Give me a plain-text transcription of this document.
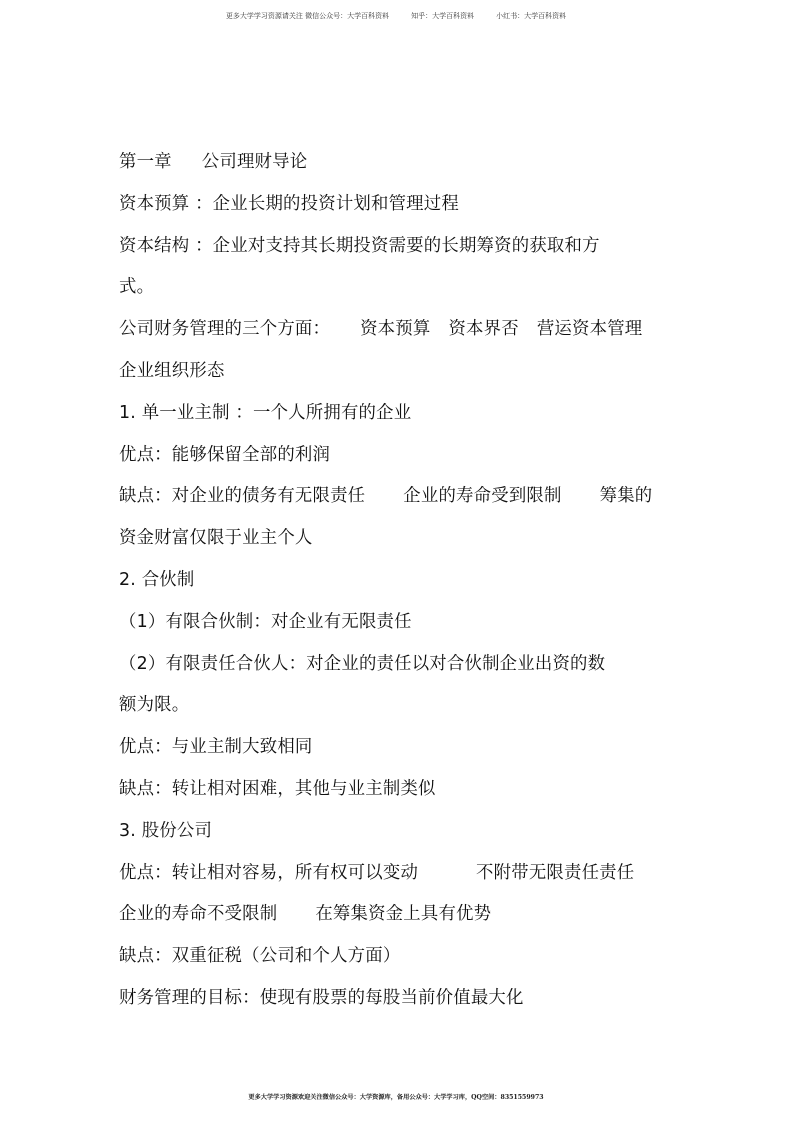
更多大学学习资源请关注 微信公众号：大学百科资料	知乎：大学百科资料	小红书：大学百科资料
第一章 公司理财导论
资本预算 ：企业长期的投资计划和管理过程
资本结构 ：企业对支持其长期投资需要的长期筹资的获取和方
式。
公司财务管理的三个方面： 资本预算 资本界否 营运资本管理
企业组织形态
1. 单一业主制 ：一个人所拥有的企业
优点：能够保留全部的利润
缺点：对企业的债务有无限责任 企业的寿命受到限制 筹集的
资金财富仅限于业主个人
2. 合伙制
（1）有限合伙制：对企业有无限责任
（2）有限责任合伙人：对企业的责任以对合伙制企业出资的数
额为限。
优点：与业主制大致相同
缺点：转让相对困难，其他与业主制类似
3. 股份公司
优点：转让相对容易，所有权可以变动	不附带无限责任责任
企业的寿命不受限制 在筹集资金上具有优势
缺点：双重征税（公司和个人方面）
财务管理的目标：使现有股票的每股当前价值最大化
更多大学学习资源欢迎关注微信公众号：大学资源库，备用公众号：大学学习库，QQ空间：8351559973
